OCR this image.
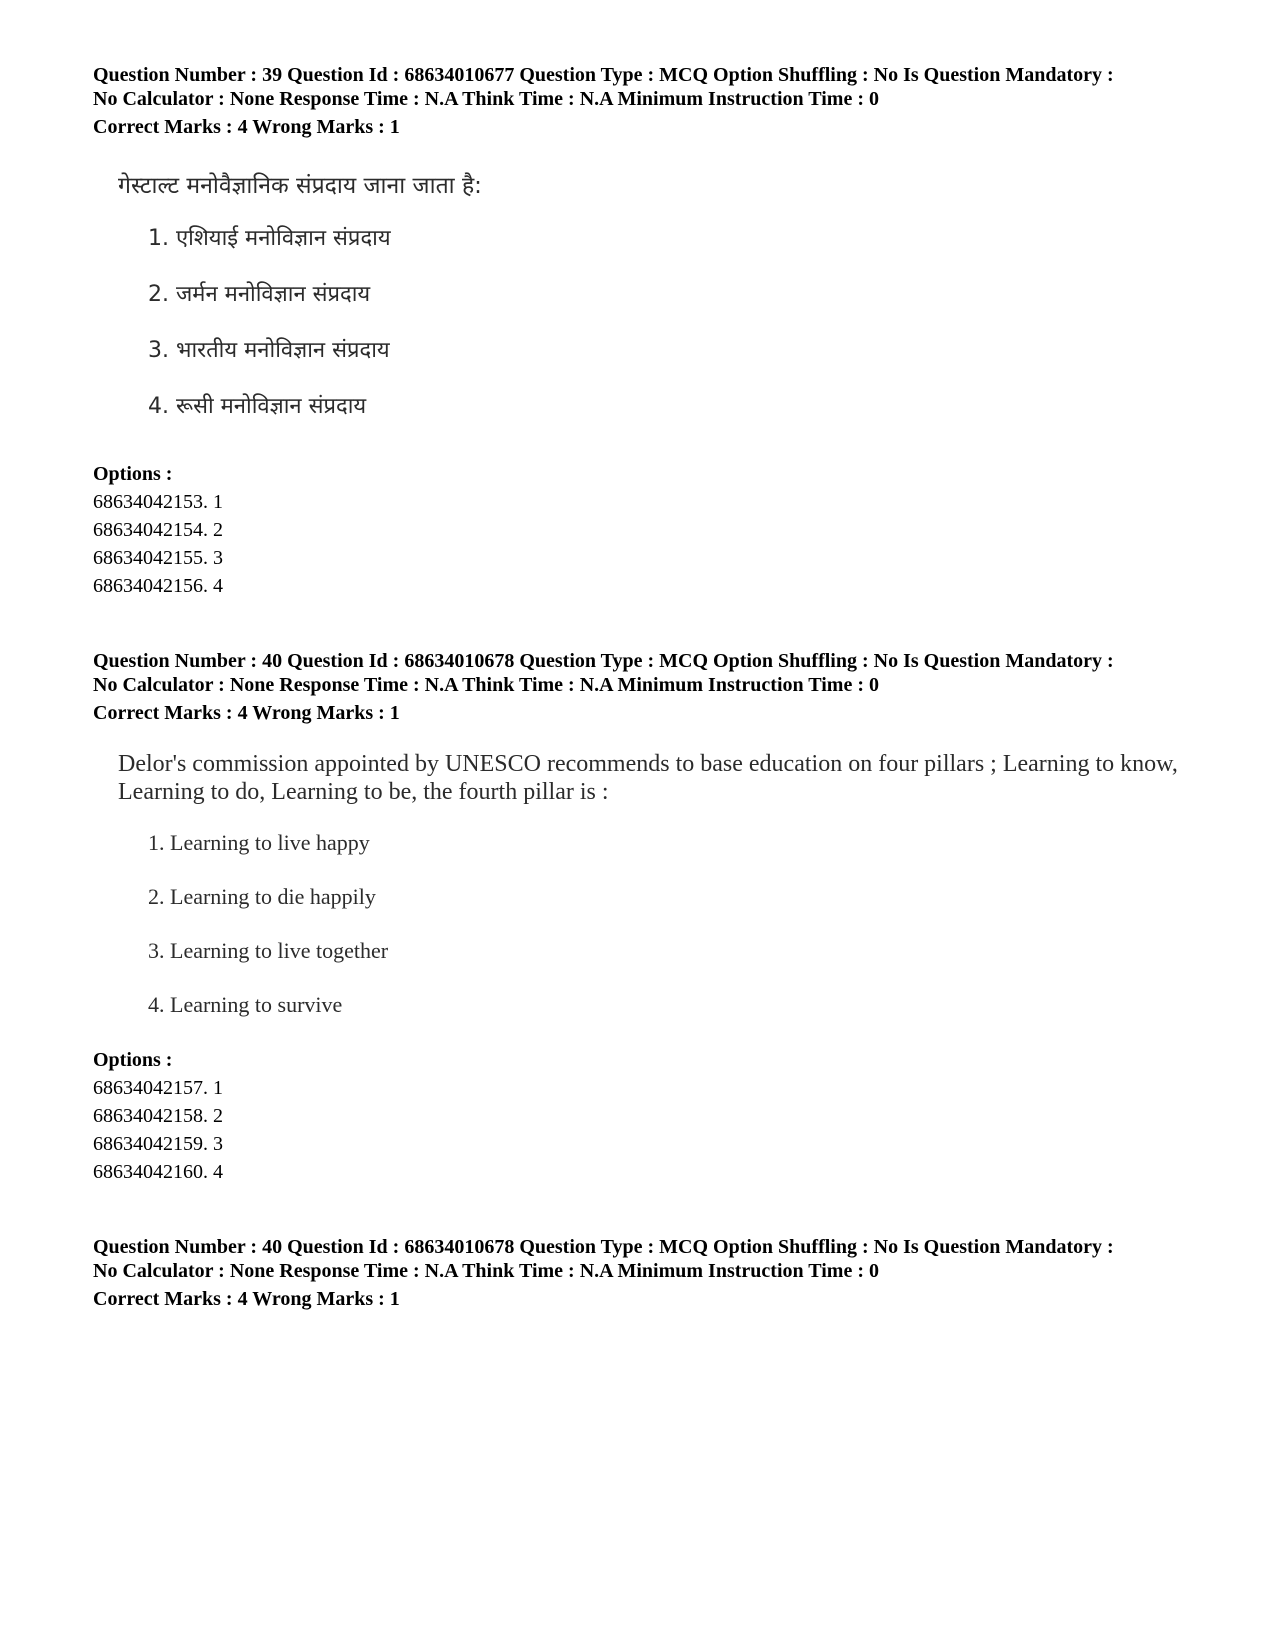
Question Number : 39 Question Id : 68634010677 Question Type : MCQ Option Shuffling : No Is Question Mandatory :

No Calculator : None Response Time : N.A Think Time : N.A Minimum Instruction Time : 0

Correct Marks : 4 Wrong Marks : 1

गेस्टाल्ट मनोवैज्ञानिक संप्रदाय जाना जाता है:

1. एशियाई मनोविज्ञान संप्रदाय

2. जर्मन मनोविज्ञान संप्रदाय

3. भारतीय मनोविज्ञान संप्रदाय

4. रूसी मनोविज्ञान संप्रदाय

Options :

68634042153. 1

68634042154. 2

68634042155. 3

68634042156. 4

Question Number : 40 Question Id : 68634010678 Question Type : MCQ Option Shuffling : No Is Question Mandatory :

No Calculator : None Response Time : N.A Think Time : N.A Minimum Instruction Time : 0

Correct Marks : 4 Wrong Marks : 1

Delor's commission appointed by UNESCO recommends to base education on four pillars ; Learning to know,

Learning to do, Learning to be, the fourth pillar is :

1. Learning to live happy

2. Learning to die happily

3. Learning to live together

4. Learning to survive

Options :

68634042157. 1

68634042158. 2

68634042159. 3

68634042160. 4

Question Number : 40 Question Id : 68634010678 Question Type : MCQ Option Shuffling : No Is Question Mandatory :

No Calculator : None Response Time : N.A Think Time : N.A Minimum Instruction Time : 0

Correct Marks : 4 Wrong Marks : 1
